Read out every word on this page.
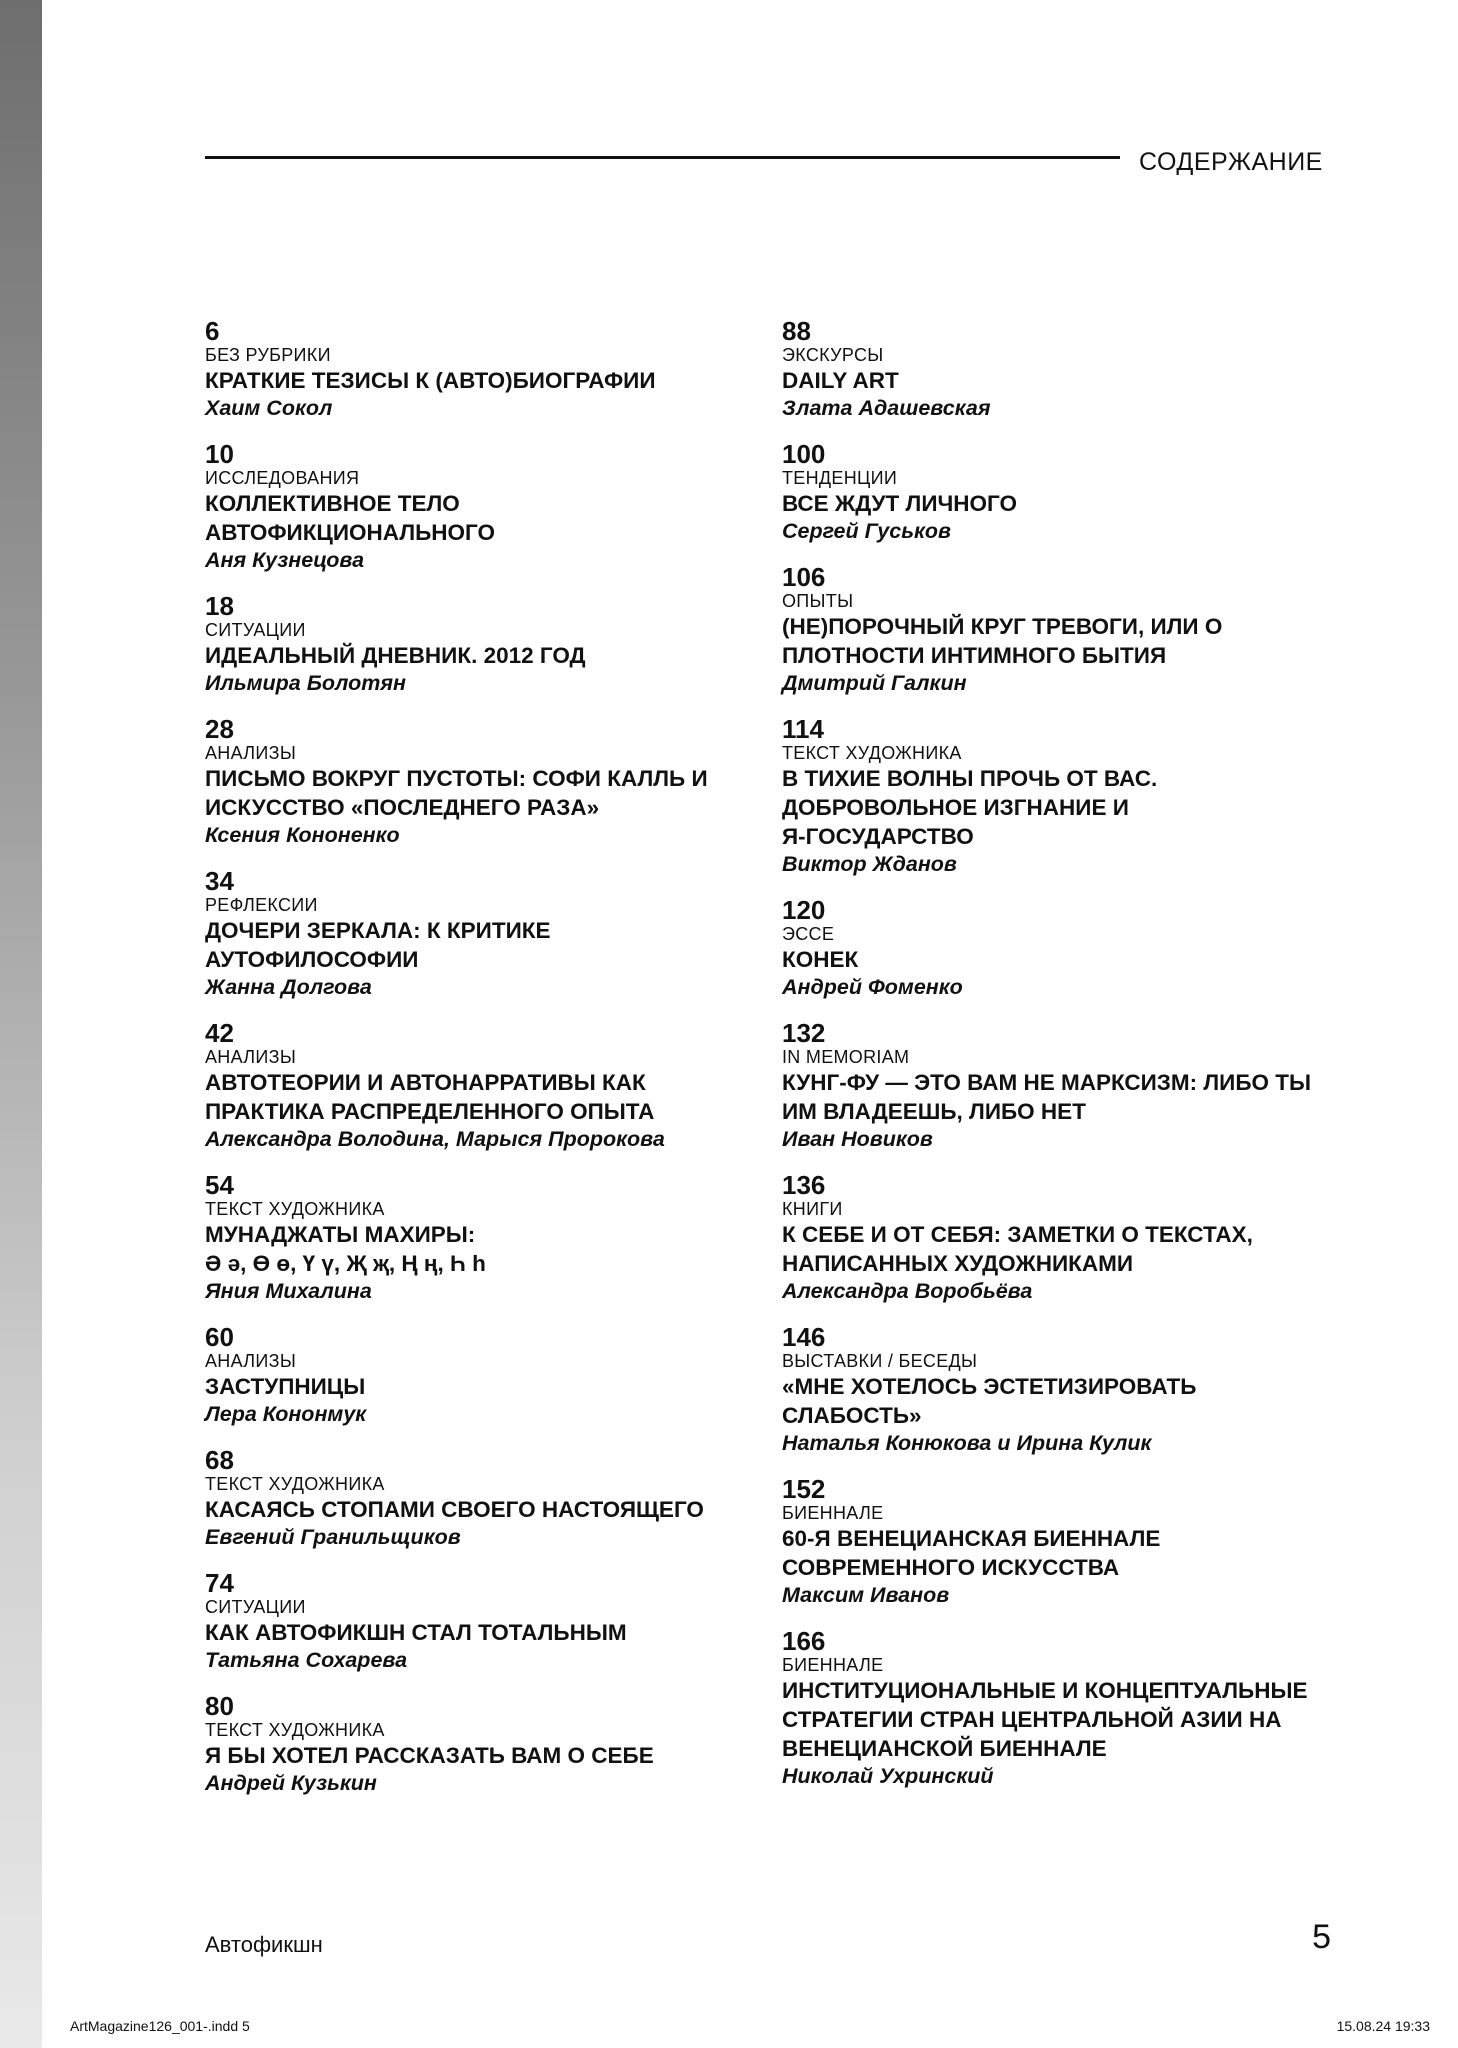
СОДЕРЖАНИЕ
6
БЕЗ РУБРИКИ
КРАТКИЕ ТЕЗИСЫ К (АВТО)БИОГРАФИИ
Хаим Сокол
10
ИССЛЕДОВАНИЯ
КОЛЛЕКТИВНОЕ ТЕЛО
АВТОФИКЦИОНАЛЬНОГО
Аня Кузнецова
18
СИТУАЦИИ
ИДЕАЛЬНЫЙ ДНЕВНИК. 2012 ГОД
Ильмира Болотян
28
АНАЛИЗЫ
ПИСЬМО ВОКРУГ ПУСТОТЫ: СОФИ КАЛЛЬ И
ИСКУССТВО «ПОСЛЕДНЕГО РАЗА»
Ксения Кононенко
34
РЕФЛЕКСИИ
ДОЧЕРИ ЗЕРКАЛА: К КРИТИКЕ
АУТОФИЛОСОФИИ
Жанна Долгова
42
АНАЛИЗЫ
АВТОТЕОРИИ И АВТОНАРРАТИВЫ КАК
ПРАКТИКА РАСПРЕДЕЛЕННОГО ОПЫТА
Александра Володина, Марыся Пророкова
54
ТЕКСТ ХУДОЖНИКА
МУНАДЖАТЫ МАХИРЫ:
Ә ә, Ө ө, Ү ү, Җ җ, Ң ң, Һ һ
Яния Михалина
60
АНАЛИЗЫ
ЗАСТУПНИЦЫ
Лера Кононмук
68
ТЕКСТ ХУДОЖНИКА
КАСАЯСЬ СТОПАМИ СВОЕГО НАСТОЯЩЕГО
Евгений Гранильщиков
74
СИТУАЦИИ
КАК АВТОФИКШН СТАЛ ТОТАЛЬНЫМ
Татьяна Сохарева
80
ТЕКСТ ХУДОЖНИКА
Я БЫ ХОТЕЛ РАССКАЗАТЬ ВАМ О СЕБЕ
Андрей Кузькин
88
ЭКСКУРСЫ
DAILY ART
Злата Адашевская
100
ТЕНДЕНЦИИ
ВСЕ ЖДУТ ЛИЧНОГО
Сергей Гуськов
106
ОПЫТЫ
(НЕ)ПОРОЧНЫЙ КРУГ ТРЕВОГИ, ИЛИ О
ПЛОТНОСТИ ИНТИМНОГО БЫТИЯ
Дмитрий Галкин
114
ТЕКСТ ХУДОЖНИКА
В ТИХИЕ ВОЛНЫ ПРОЧЬ ОТ ВАС.
ДОБРОВОЛЬНОЕ ИЗГНАНИЕ И
Я-ГОСУДАРСТВО
Виктор Жданов
120
ЭССЕ
КОНЕК
Андрей Фоменко
132
IN MEMORIAM
КУНГ-ФУ — ЭТО ВАМ НЕ МАРКСИЗМ: ЛИБО ТЫ
ИМ ВЛАДЕЕШЬ, ЛИБО НЕТ
Иван Новиков
136
КНИГИ
К СЕБЕ И ОТ СЕБЯ: ЗАМЕТКИ О ТЕКСТАХ,
НАПИСАННЫХ ХУДОЖНИКАМИ
Александра Воробьёва
146
ВЫСТАВКИ / БЕСЕДЫ
«МНЕ ХОТЕЛОСЬ ЭСТЕТИЗИРОВАТЬ
СЛАБОСТЬ»
Наталья Конюкова и Ирина Кулик
152
БИЕННАЛЕ
60-Я ВЕНЕЦИАНСКАЯ БИЕННАЛЕ
СОВРЕМЕННОГО ИСКУССТВА
Максим Иванов
166
БИЕННАЛЕ
ИНСТИТУЦИОНАЛЬНЫЕ И КОНЦЕПТУАЛЬНЫЕ
СТРАТЕГИИ СТРАН ЦЕНТРАЛЬНОЙ АЗИИ НА
ВЕНЕЦИАНСКОЙ БИЕННАЛЕ
Николай Ухринский
Автофикшн	5
ArtMagazine126_001-.indd 5	15.08.24 19:33
